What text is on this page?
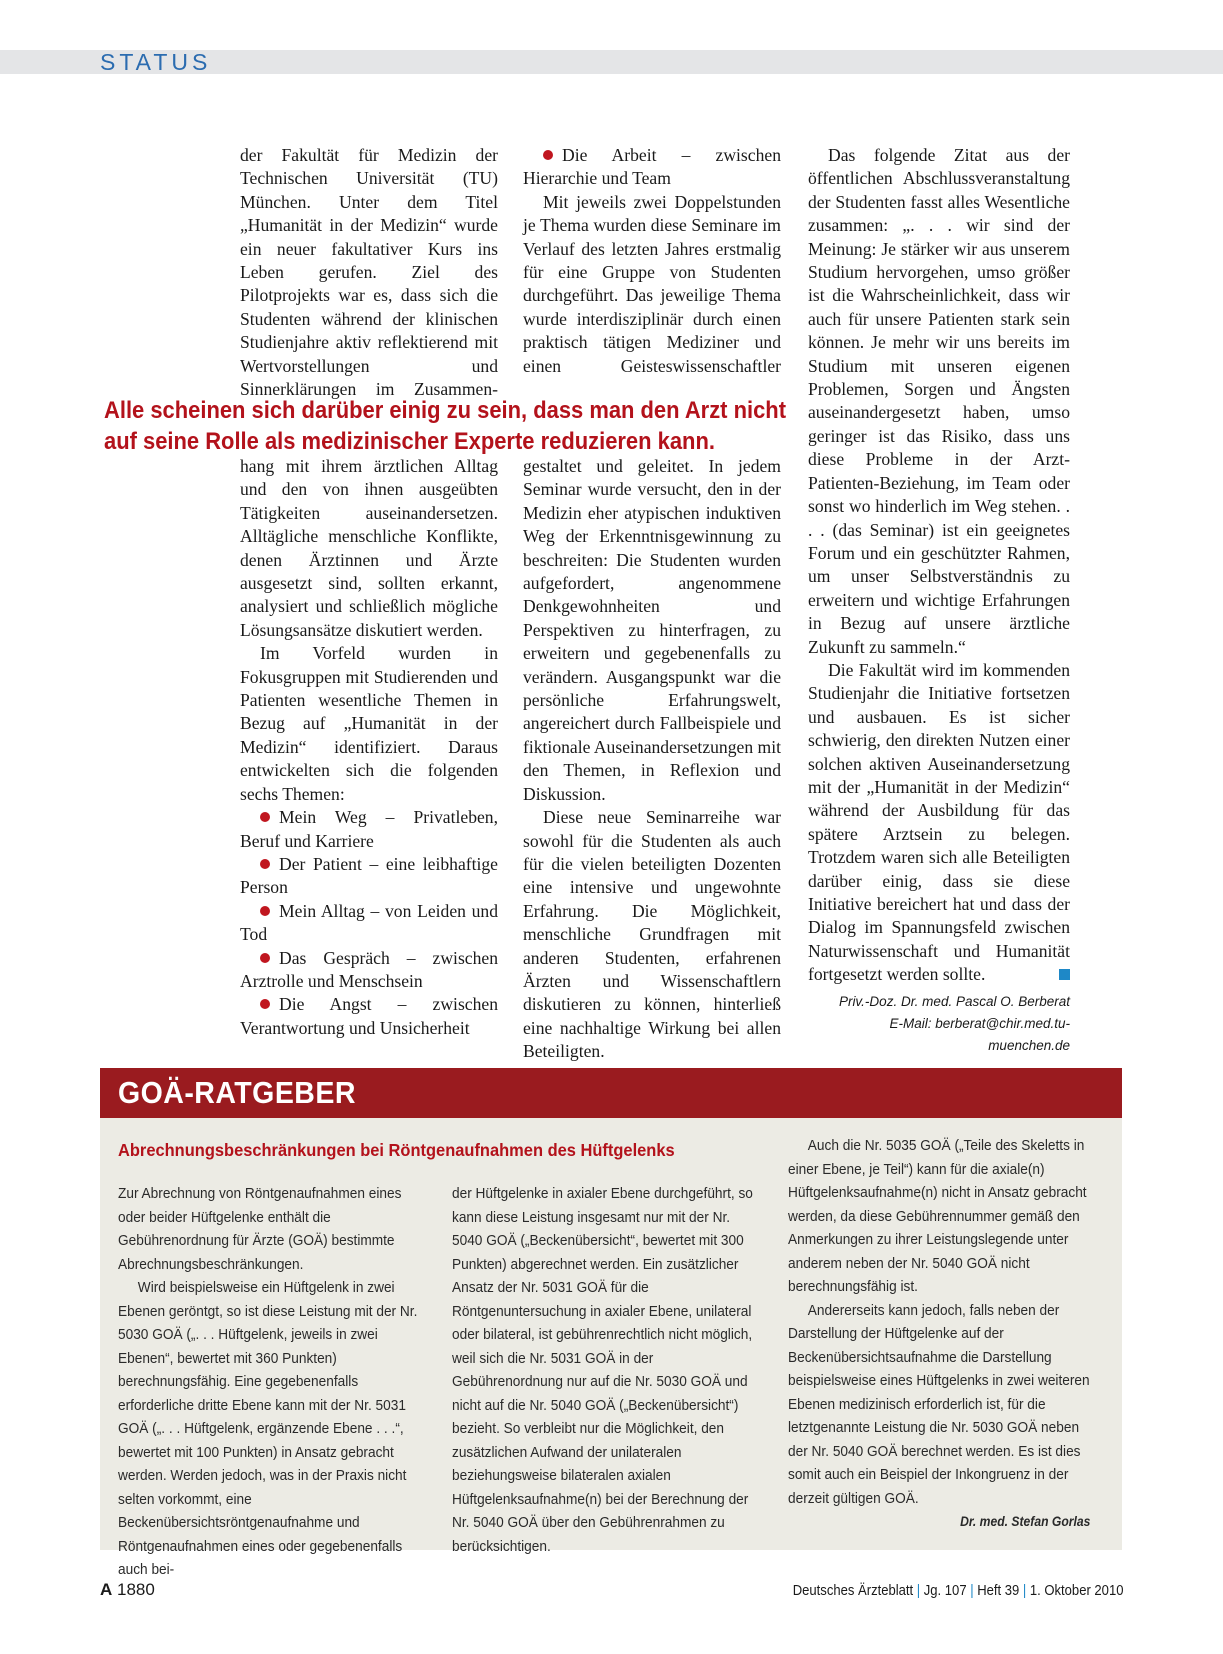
STATUS

der Fakultät für Medizin der Technischen Universität (TU) München. Unter dem Titel „Humanität in der Medizin“ wurde ein neuer fakultativer Kurs ins Leben gerufen. Ziel des Pilotprojekts war es, dass sich die Studenten während der klinischen Studienjahre aktiv reflektierend mit Wertvorstellungen und Sinnerklärungen im Zusammen-

Die Arbeit – zwischen Hierarchie und Team

Mit jeweils zwei Doppelstunden je Thema wurden diese Seminare im Verlauf des letzten Jahres erstmalig für eine Gruppe von Studenten durchgeführt. Das jeweilige Thema wurde interdisziplinär durch einen praktisch tätigen Mediziner und einen Geisteswissenschaftler

Alle scheinen sich darüber einig zu sein, dass man den Arzt nicht auf seine Rolle als medizinischer Experte reduzieren kann.

hang mit ihrem ärztlichen Alltag und den von ihnen ausgeübten Tätigkeiten auseinandersetzen. Alltägliche menschliche Konflikte, denen Ärztinnen und Ärzte ausgesetzt sind, sollten erkannt, analysiert und schließlich mögliche Lösungsansätze diskutiert werden.

Im Vorfeld wurden in Fokusgruppen mit Studierenden und Patienten wesentliche Themen in Bezug auf „Humanität in der Medizin“ identifiziert. Daraus entwickelten sich die folgenden sechs Themen:

Mein Weg – Privatleben, Beruf und Karriere

Der Patient – eine leibhaftige Person

Mein Alltag – von Leiden und Tod

Das Gespräch – zwischen Arztrolle und Menschsein

Die Angst – zwischen Verantwortung und Unsicherheit

gestaltet und geleitet. In jedem Seminar wurde versucht, den in der Medizin eher atypischen induktiven Weg der Erkenntnisgewinnung zu beschreiten: Die Studenten wurden aufgefordert, angenommene Denkgewohnheiten und Perspektiven zu hinterfragen, zu erweitern und gegebenenfalls zu verändern. Ausgangspunkt war die persönliche Erfahrungswelt, angereichert durch Fallbeispiele und fiktionale Auseinandersetzungen mit den Themen, in Reflexion und Diskussion.

Diese neue Seminarreihe war sowohl für die Studenten als auch für die vielen beteiligten Dozenten eine intensive und ungewohnte Erfahrung. Die Möglichkeit, menschliche Grundfragen mit anderen Studenten, erfahrenen Ärzten und Wissenschaftlern diskutieren zu können, hinterließ eine nachhaltige Wirkung bei allen Beteiligten.

Das folgende Zitat aus der öffentlichen Abschlussveranstaltung der Studenten fasst alles Wesentliche zusammen: „. . . wir sind der Meinung: Je stärker wir aus unserem Studium hervorgehen, umso größer ist die Wahrscheinlichkeit, dass wir auch für unsere Patienten stark sein können. Je mehr wir uns bereits im Studium mit unseren eigenen Problemen, Sorgen und Ängsten auseinandergesetzt haben, umso geringer ist das Risiko, dass uns diese Probleme in der Arzt-Patienten-Beziehung, im Team oder sonst wo hinderlich im Weg stehen. . . . (das Seminar) ist ein geeignetes Forum und ein geschützter Rahmen, um unser Selbstverständnis zu erweitern und wichtige Erfahrungen in Bezug auf unsere ärztliche Zukunft zu sammeln.“

Die Fakultät wird im kommenden Studienjahr die Initiative fortsetzen und ausbauen. Es ist sicher schwierig, den direkten Nutzen einer solchen aktiven Auseinandersetzung mit der „Humanität in der Medizin“ während der Ausbildung für das spätere Arztsein zu belegen. Trotzdem waren sich alle Beteiligten darüber einig, dass sie diese Initiative bereichert hat und dass der Dialog im Spannungsfeld zwischen Naturwissenschaft und Humanität fortgesetzt werden sollte.

Priv.-Doz. Dr. med. Pascal O. Berberat
E-Mail: berberat@chir.med.tu-muenchen.de
GOÄ-RATGEBER
Abrechnungsbeschränkungen bei Röntgenaufnahmen des Hüftgelenks

Zur Abrechnung von Röntgenaufnahmen eines oder beider Hüftgelenke enthält die Gebührenordnung für Ärzte (GOÄ) bestimmte Abrechnungsbeschränkungen.

Wird beispielsweise ein Hüftgelenk in zwei Ebenen geröntgt, so ist diese Leistung mit der Nr. 5030 GOÄ („. . . Hüftgelenk, jeweils in zwei Ebenen“, bewertet mit 360 Punkten) berechnungsfähig. Eine gegebenenfalls erforderliche dritte Ebene kann mit der Nr. 5031 GOÄ („. . . Hüftgelenk, ergänzende Ebene . . .“, bewertet mit 100 Punkten) in Ansatz gebracht werden. Werden jedoch, was in der Praxis nicht selten vorkommt, eine Beckenübersichtsröntgenaufnahme und Röntgenaufnahmen eines oder gegebenenfalls auch bei-

der Hüftgelenke in axialer Ebene durchgeführt, so kann diese Leistung insgesamt nur mit der Nr. 5040 GOÄ („Beckenübersicht“, bewertet mit 300 Punkten) abgerechnet werden. Ein zusätzlicher Ansatz der Nr. 5031 GOÄ für die Röntgenuntersuchung in axialer Ebene, unilateral oder bilateral, ist gebührenrechtlich nicht möglich, weil sich die Nr. 5031 GOÄ in der Gebührenordnung nur auf die Nr. 5030 GOÄ und nicht auf die Nr. 5040 GOÄ („Beckenübersicht“) bezieht. So verbleibt nur die Möglichkeit, den zusätzlichen Aufwand der unilateralen beziehungsweise bilateralen axialen Hüftgelenksaufnahme(n) bei der Berechnung der Nr. 5040 GOÄ über den Gebührenrahmen zu berücksichtigen.

Auch die Nr. 5035 GOÄ („Teile des Skeletts in einer Ebene, je Teil“) kann für die axiale(n) Hüftgelenksaufnahme(n) nicht in Ansatz gebracht werden, da diese Gebührennummer gemäß den Anmerkungen zu ihrer Leistungslegende unter anderem neben der Nr. 5040 GOÄ nicht berechnungsfähig ist.

Andererseits kann jedoch, falls neben der Darstellung der Hüftgelenke auf der Beckenübersichtsaufnahme die Darstellung beispielsweise eines Hüftgelenks in zwei weiteren Ebenen medizinisch erforderlich ist, für die letztgenannte Leistung die Nr. 5030 GOÄ neben der Nr. 5040 GOÄ berechnet werden. Es ist dies somit auch ein Beispiel der Inkongruenz in der derzeit gültigen GOÄ.

Dr. med. Stefan Gorlas
A 1880	Deutsches Ärzteblatt | Jg. 107 | Heft 39 | 1. Oktober 2010
